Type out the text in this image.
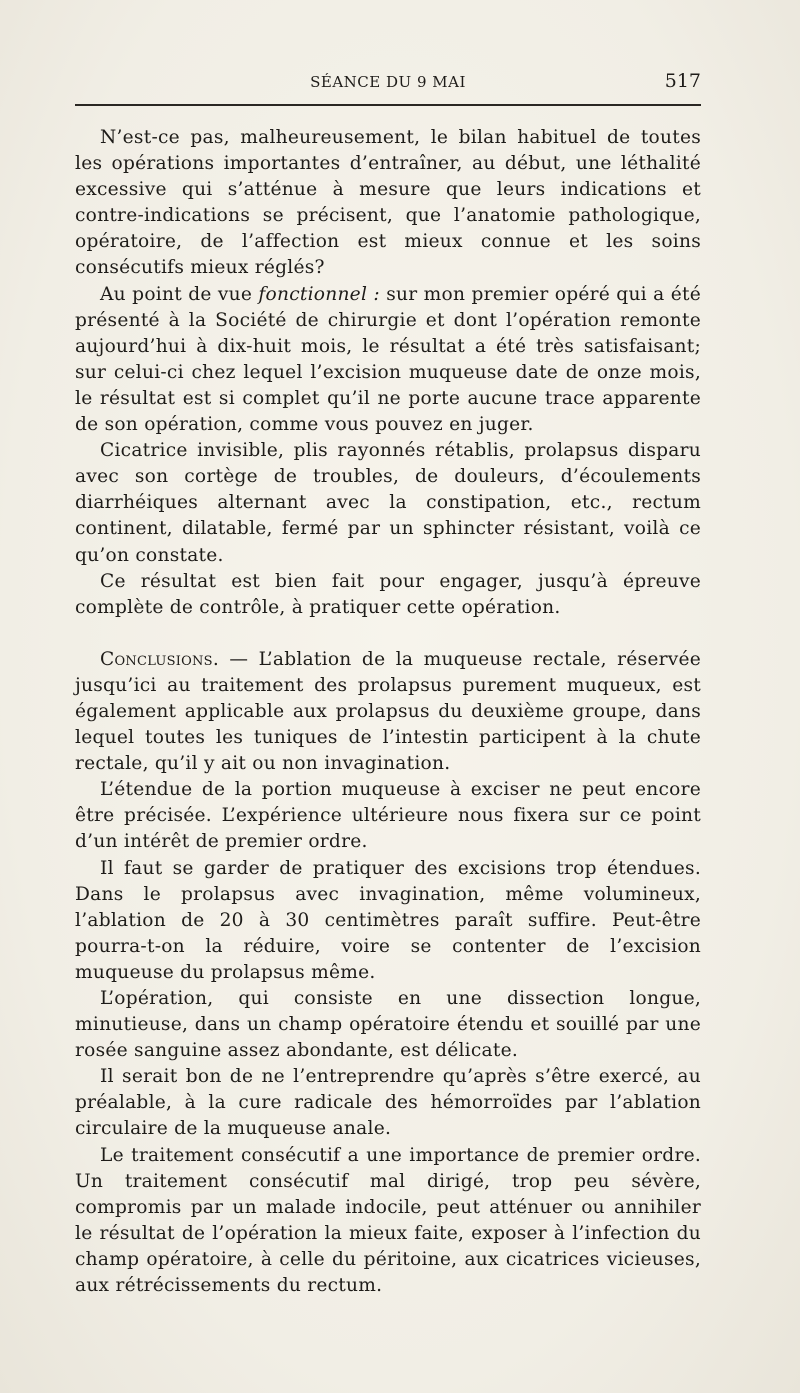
SÉANCE DU 9 MAI	517

N’est-ce pas, malheureusement, le bilan habituel de toutes les opérations importantes d’entraîner, au début, une léthalité excessive qui s’atténue à mesure que leurs indications et contre-indications se précisent, que l’anatomie pathologique, opératoire, de l’affection est mieux connue et les soins consécutifs mieux réglés?

Au point de vue fonctionnel : sur mon premier opéré qui a été présenté à la Société de chirurgie et dont l’opération remonte aujourd’hui à dix-huit mois, le résultat a été très satisfaisant; sur celui-ci chez lequel l’excision muqueuse date de onze mois, le résultat est si complet qu’il ne porte aucune trace apparente de son opération, comme vous pouvez en juger.

Cicatrice invisible, plis rayonnés rétablis, prolapsus disparu avec son cortège de troubles, de douleurs, d’écoulements diarrhéiques alternant avec la constipation, etc., rectum continent, dilatable, fermé par un sphincter résistant, voilà ce qu’on constate.

Ce résultat est bien fait pour engager, jusqu’à épreuve complète de contrôle, à pratiquer cette opération.

Conclusions. — L’ablation de la muqueuse rectale, réservée jusqu’ici au traitement des prolapsus purement muqueux, est également applicable aux prolapsus du deuxième groupe, dans lequel toutes les tuniques de l’intestin participent à la chute rectale, qu’il y ait ou non invagination.

L’étendue de la portion muqueuse à exciser ne peut encore être précisée. L’expérience ultérieure nous fixera sur ce point d’un intérêt de premier ordre.

Il faut se garder de pratiquer des excisions trop étendues. Dans le prolapsus avec invagination, même volumineux, l’ablation de 20 à 30 centimètres paraît suffire. Peut-être pourra-t-on la réduire, voire se contenter de l’excision muqueuse du prolapsus même.

L’opération, qui consiste en une dissection longue, minutieuse, dans un champ opératoire étendu et souillé par une rosée sanguine assez abondante, est délicate.

Il serait bon de ne l’entreprendre qu’après s’être exercé, au préalable, à la cure radicale des hémorroïdes par l’ablation circulaire de la muqueuse anale.

Le traitement consécutif a une importance de premier ordre. Un traitement consécutif mal dirigé, trop peu sévère, compromis par un malade indocile, peut atténuer ou annihiler le résultat de l’opération la mieux faite, exposer à l’infection du champ opératoire, à celle du péritoine, aux cicatrices vicieuses, aux rétrécissements du rectum.
